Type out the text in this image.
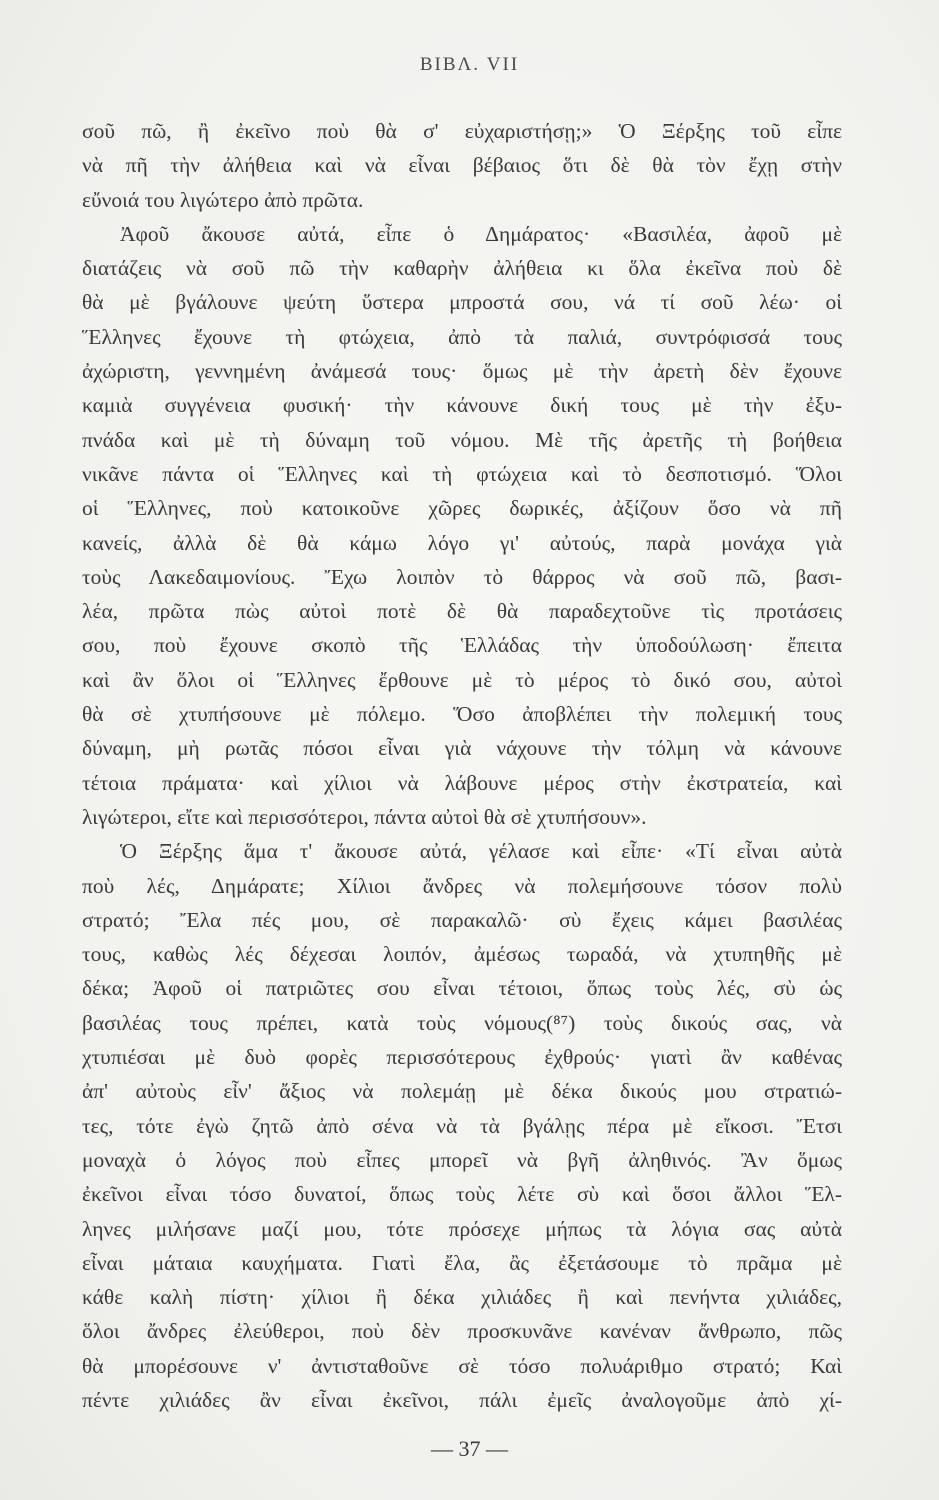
ΒΙΒΛ. VII
σοῦ πῶ, ἢ ἐκεῖνο ποὺ θὰ σ' εὐχαριστήσῃ;» Ὁ Ξέρξης τοῦ εἶπε
νὰ πῆ τὴν ἀλήθεια καὶ νὰ εἶναι βέβαιος ὅτι δὲ θὰ τὸν ἔχῃ στὴν
εὔνοιά του λιγώτερο ἀπὸ πρῶτα.
Ἀφοῦ ἄκουσε αὐτά, εἶπε ὁ Δημάρατος· «Βασιλέα, ἀφοῦ μὲ
διατάζεις νὰ σοῦ πῶ τὴν καθαρὴν ἀλήθεια κι ὅλα ἐκεῖνα ποὺ δὲ
θὰ μὲ βγάλουνε ψεύτη ὕστερα μπροστά σου, νά τί σοῦ λέω· οἱ
Ἕλληνες ἔχουνε τὴ φτώχεια, ἀπὸ τὰ παλιά, συντρόφισσά τους
ἀχώριστη, γεννημένη ἀνάμεσά τους· ὅμως μὲ τὴν ἀρετὴ δὲν ἔχουνε
καμιὰ συγγένεια φυσική· τὴν κάνουνε δική τους μὲ τὴν ἐξυ-
πνάδα καὶ μὲ τὴ δύναμη τοῦ νόμου. Μὲ τῆς ἀρετῆς τὴ βοήθεια
νικᾶνε πάντα οἱ Ἕλληνες καὶ τὴ φτώχεια καὶ τὸ δεσποτισμό. Ὅλοι
οἱ Ἕλληνες, ποὺ κατοικοῦνε χῶρες δωρικές, ἀξίζουν ὅσο νὰ πῆ
κανείς, ἀλλὰ δὲ θὰ κάμω λόγο γι' αὐτούς, παρὰ μονάχα γιὰ
τοὺς Λακεδαιμονίους. Ἔχω λοιπὸν τὸ θάρρος νὰ σοῦ πῶ, βασι-
λέα, πρῶτα πὼς αὐτοὶ ποτὲ δὲ θὰ παραδεχτοῦνε τὶς προτάσεις
σου, ποὺ ἔχουνε σκοπὸ τῆς Ἑλλάδας τὴν ὑποδούλωση· ἔπειτα
καὶ ἂν ὅλοι οἱ Ἕλληνες ἔρθουνε μὲ τὸ μέρος τὸ δικό σου, αὐτοὶ
θὰ σὲ χτυπήσουνε μὲ πόλεμο. Ὅσο ἀποβλέπει τὴν πολεμική τους
δύναμη, μὴ ρωτᾶς πόσοι εἶναι γιὰ νάχουνε τὴν τόλμη νὰ κάνουνε
τέτοια πράματα· καὶ χίλιοι νὰ λάβουνε μέρος στὴν ἐκστρατεία, καὶ
λιγώτεροι, εἴτε καὶ περισσότεροι, πάντα αὐτοὶ θὰ σὲ χτυπήσουν».
Ὁ Ξέρξης ἅμα τ' ἄκουσε αὐτά, γέλασε καὶ εἶπε· «Τί εἶναι αὐτὰ
ποὺ λές, Δημάρατε; Χίλιοι ἄνδρες νὰ πολεμήσουνε τόσον πολὺ
στρατό; Ἔλα πές μου, σὲ παρακαλῶ· σὺ ἔχεις κάμει βασιλέας
τους, καθὼς λές δέχεσαι λοιπόν, ἀμέσως τωραδά, νὰ χτυπηθῆς μὲ
δέκα; Ἀφοῦ οἱ πατριῶτες σου εἶναι τέτοιοι, ὅπως τοὺς λές, σὺ ὡς
βασιλέας τους πρέπει, κατὰ τοὺς νόμους(⁸⁷) τοὺς δικούς σας, νὰ
χτυπιέσαι μὲ δυὸ φορὲς περισσότερους ἐχθρούς· γιατὶ ἂν καθένας
ἀπ' αὐτοὺς εἶν' ἄξιος νὰ πολεμάῃ μὲ δέκα δικούς μου στρατιώ-
τες, τότε ἐγὼ ζητῶ ἀπὸ σένα νὰ τὰ βγάλῃς πέρα μὲ εἴκοσι. Ἔτσι
μοναχὰ ὁ λόγος ποὺ εἶπες μπορεῖ νὰ βγῆ ἀληθινός. Ἂν ὅμως
ἐκεῖνοι εἶναι τόσο δυνατοί, ὅπως τοὺς λέτε σὺ καὶ ὅσοι ἄλλοι Ἕλ-
ληνες μιλήσανε μαζί μου, τότε πρόσεχε μήπως τὰ λόγια σας αὐτὰ
εἶναι μάταια καυχήματα. Γιατὶ ἔλα, ἂς ἐξετάσουμε τὸ πρᾶμα μὲ
κάθε καλὴ πίστη· χίλιοι ἢ δέκα χιλιάδες ἢ καὶ πενήντα χιλιάδες,
ὅλοι ἄνδρες ἐλεύθεροι, ποὺ δὲν προσκυνᾶνε κανέναν ἄνθρωπο, πῶς
θὰ μπορέσουνε ν' ἀντισταθοῦνε σὲ τόσο πολυάριθμο στρατό; Καὶ
πέντε χιλιάδες ἂν εἶναι ἐκεῖνοι, πάλι ἐμεῖς ἀναλογοῦμε ἀπὸ χί-
— 37 —
